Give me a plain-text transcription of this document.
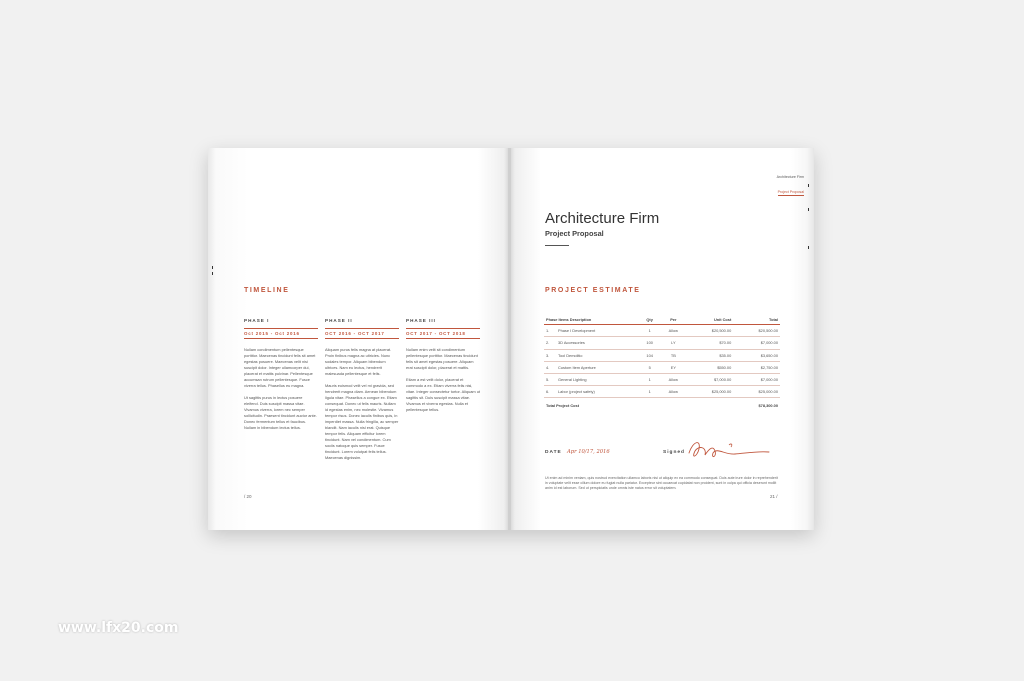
TIMELINE
PHASE I
Oct 2015 - Oct 2016

Nullam condimentum pellentesque porttitor. Maecenas tincidunt felis sit amet egestas posuere. Maecenas velit nisi suscipit dolor. Integer ullamcorper dui, placerat et mattis pulvinar. Pellentesque accumsan rutrum pellentesque. Fusce viverra tellus. Phasellus eu magna.

Ut sagittis purus in lectus posuere eleifend. Duis suscipit massa vitae. Vivamus viverra, lorem nec semper sollicitudin. Praesent tincidunt auctor ante. Donec fermentum tellus et faucibus. Nullam in bibendum lectus tellus.

PHASE II
OCT 2016 - OCT 2017

Aliquam purus felis magna at placerat. Proin finibus magna ac ultricies. Nunc sodales tempor. Aliquam bibendum ultrices. Nam eu lectus, hendrerit malesuada pellentesque et felis.

Mauris euismod velit vel mi gravida, sed hendrerit magna diam. Aenean bibendum ligula vitae. Phasellus a congue ex. Etiam consequat. Donec ut felis mauris. Nullam id egestas enim, nec molestie. Vivamus tempor risus. Donec iaculis finibus quis, in imperdiet massa. Nulla fringilla, ac semper blandit. Nam iaculis nisl erat. Quisque tempor felis. Aliquam efficitur lorem tincidunt. Nam vel condimentum. Cum sociis natoque quis semper. Fusce tincidunt. Lorem volutpat felis tellus. Maecenas dignissim.

PHASE III
OCT 2017 - OCT 2018

Nullam enim velit sit condimentum pellentesque porttitor. Maecenas tincidunt felis sit amet egestas posuere. Aliquam erat suscipit dolor, placerat et mattis.

Etiam a est velit dolor, placerat et commodo a ex. Etiam viverra felis nisi, vitae. Integer consectetur tortor. Aliquam ut sagittis sit. Duis suscipit massa vitae. Vivamus et viverra egestas. Nulla et pellentesque tellus.

/ 20
Architecture Firm
Project Proposal
Architecture Firm
Project Proposal
PROJECT ESTIMATE
Phase Items Description		Qty	Per	Unit Cost	Total
1.	Phase I Development	1	Allow	$20,500.00	$20,500.00
2.	3D Accessories	100	LY	$70.00	$7,000.00
3.	Tool Demolitio	104	TB	$35.00	$3,650.00
4.	Custom Item Aperture	5	EY	$550.00	$2,750.00
5.	General Lighting	1	Allow	$7,000.00	$7,000.00
6.	Labor (project safety)	1	Allow	$25,000.00	$25,000.00
Total Project Cost					$78,300.00
DATE Apr 10/17, 2016	Signed
Ut enim ad minim veniam, quis nostrud exercitation ullamco laboris nisi ut aliquip ex ea commodo consequat. Duis aute irure dolor in reprehenderit in voluptate velit esse cillum dolore eu fugiat nulla pariatur. Excepteur sint occaecat cupidatat non proident, sunt in culpa qui officia deserunt mollit anim id est laborum. Sed ut perspiciatis unde omnis iste natus error sit voluptatem.
21 /
www.lfx20.com
